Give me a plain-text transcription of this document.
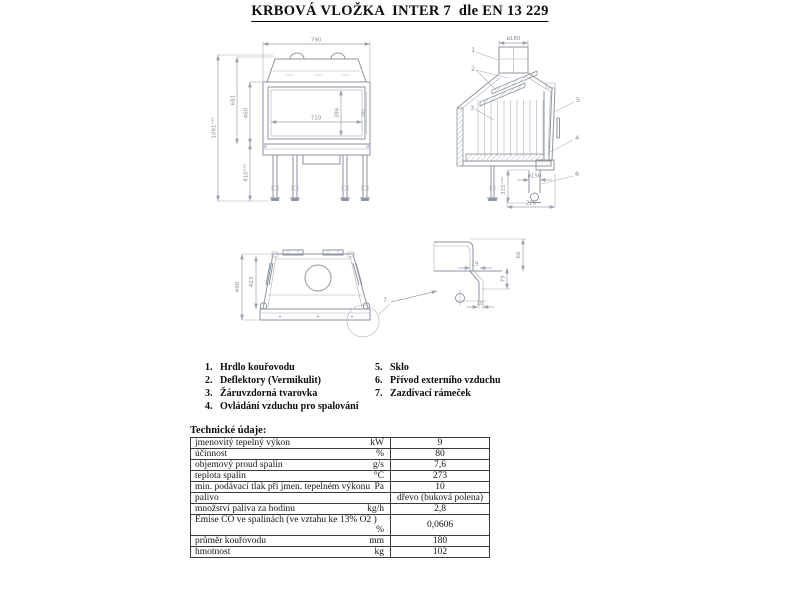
KRBOVÁ VLOŽKA  INTER 7  dle EN 13 229
790
1091⁺⁸⁰
681
460
410⁺⁸⁰
710
386	380
ø180
315⁺⁸⁰
ø150
226
1
2
3
5
4
6
490 423
7
19
66
79
10
1. Hrdlo kouřovodu
2. Deflektory (Vermikulit)
3. Žáruvzdorná tvarovka
4. Ovládání vzduchu pro spalování
5. Sklo
6. Přívod externího vzduchu
7. Zazdívací rámeček
Technické údaje:
jmenovitý tepelný výkon kW	9
účinnost %	80
objemový proud spalin g/s	7,6
teplota spalin °C	273
min. podávací tlak při jmen. tepelném výkonu Pa	10
palivo	dřevo (buková polena)
množství paliva za hodinu kg/h	2,8
Emise CO ve spalinách (ve vztahu ke 13% O2 )
%	0,0606
průměr kouřovodu mm	180
hmotnost kg	102
